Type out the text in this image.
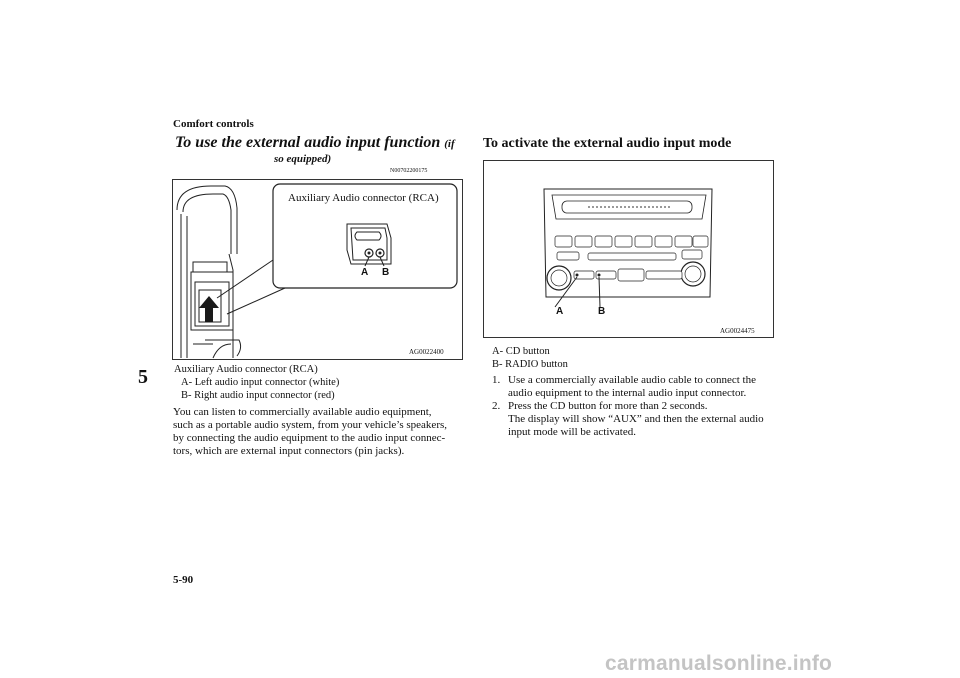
Comfort controls
5
5-90
carmanualsonline.info
To use the external audio input function (if
so equipped)
N00702200175
Auxiliary Audio connector (RCA)
A B
AG0022400
Auxiliary Audio connector (RCA)
A- Left audio input connector (white)
B- Right audio input connector (red)
You can listen to commercially available audio equipment,
such as a portable audio system, from your vehicle’s speakers,
by connecting the audio equipment to the audio input connec-
tors, which are external input connectors (pin jacks).
To activate the external audio input mode
A	B
AG0024475
A- CD button
B- RADIO button
1. Use a commercially available audio cable to connect the
audio equipment to the internal audio input connector.
2. Press the CD button for more than 2 seconds.
The display will show “AUX” and then the external audio
input mode will be activated.
